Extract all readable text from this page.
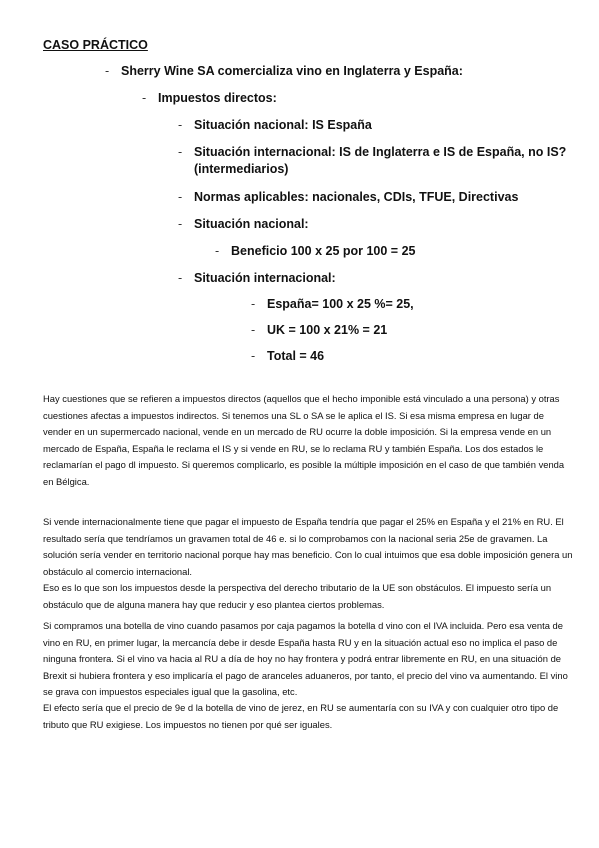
CASO PRÁCTICO
- Sherry Wine SA comercializa vino en Inglaterra y España:
- Impuestos directos:
- Situación nacional: IS España
- Situación internacional: IS de Inglaterra e IS de España, no IS? (intermediarios)
- Normas aplicables: nacionales, CDIs, TFUE, Directivas
- Situación nacional:
- Beneficio 100 x 25 por 100 = 25
- Situación internacional:
- España= 100 x 25 %= 25,
- UK = 100 x 21% = 21
- Total = 46

Hay cuestiones que se refieren a impuestos directos (aquellos que el hecho imponible está vinculado a una persona) y otras cuestiones afectas a impuestos indirectos. Si tenemos una SL o SA se le aplica el IS. Si esa misma empresa en lugar de vender en un supermercado nacional, vende en un mercado de RU ocurre la doble imposición. Si la empresa vende en un mercado de España, España le reclama el IS y si vende en RU, se lo reclama RU y también España. Los dos estados le reclamarían el pago dl impuesto. Si queremos complicarlo, es posible la múltiple imposición en el caso de que también venda en Bélgica.

Si vende internacionalmente tiene que pagar el impuesto de España tendría que pagar el 25% en España y el 21% en RU. El resultado sería que tendríamos un gravamen total de 46 e. si lo comprobamos con la nacional seria 25e de gravamen. La solución sería vender en territorio nacional porque hay mas beneficio. Con lo cual intuimos que esa doble imposición genera un obstáculo al comercio internacional.

Eso es lo que son los impuestos desde la perspectiva del derecho tributario de la UE son obstáculos. El impuesto sería un obstáculo que de alguna manera hay que reducir y eso plantea ciertos problemas.

Si compramos una botella de vino cuando pasamos por caja pagamos la botella d vino con el IVA incluida. Pero esa venta de vino en RU, en primer lugar, la mercancía debe ir desde España hasta RU y en la situación actual eso no implica el paso de ninguna frontera. Si el vino va hacia al RU a día de hoy no hay frontera y podrá entrar libremente en RU, en una situación de Brexit si hubiera frontera y eso implicaría el pago de aranceles aduaneros, por tanto, el precio del vino va aumentando. El vino se grava con impuestos especiales igual que la gasolina, etc.

El efecto sería que el precio de 9e d la botella de vino de jerez, en RU se aumentaría con su IVA y con cualquier otro tipo de tributo que RU exigiese. Los impuestos no tienen por qué ser iguales.
